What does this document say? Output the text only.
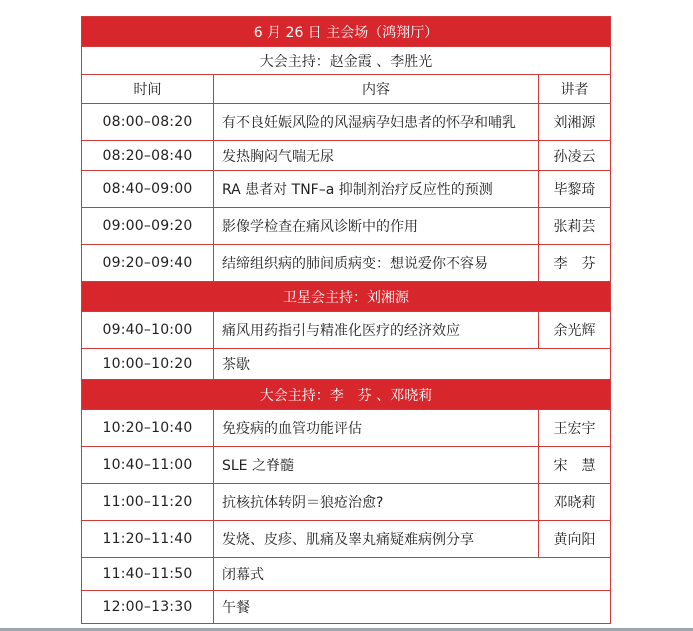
6 月 26 日 主会场（鸿翔厅）		
大会主持：赵金霞 、李胜光		
时间	内容	讲者
08:00–08:20	有不良妊娠风险的风湿病孕妇患者的怀孕和哺乳	刘湘源
08:20–08:40	发热胸闷气喘无尿	孙凌云
08:40–09:00	RA 患者对 TNF–a 抑制剂治疗反应性的预测	毕黎琦
09:00–09:20	影像学检查在痛风诊断中的作用	张莉芸
09:20–09:40	结缔组织病的肺间质病变：想说爱你不容易	李　芬
卫星会主持：刘湘源		
09:40–10:00	痛风用药指引与精准化医疗的经济效应	余光辉
10:00–10:20	茶歇	
大会主持：李　芬 、邓晓莉		
10:20–10:40	免疫病的血管功能评估	王宏宇
10:40–11:00	SLE 之脊髓	宋　慧
11:00–11:20	抗核抗体转阴＝狼疮治愈?	邓晓莉
11:20–11:40	发烧、皮疹、肌痛及睾丸痛疑难病例分享	黄向阳
11:40–11:50	闭幕式	
12:00–13:30	午餐	
